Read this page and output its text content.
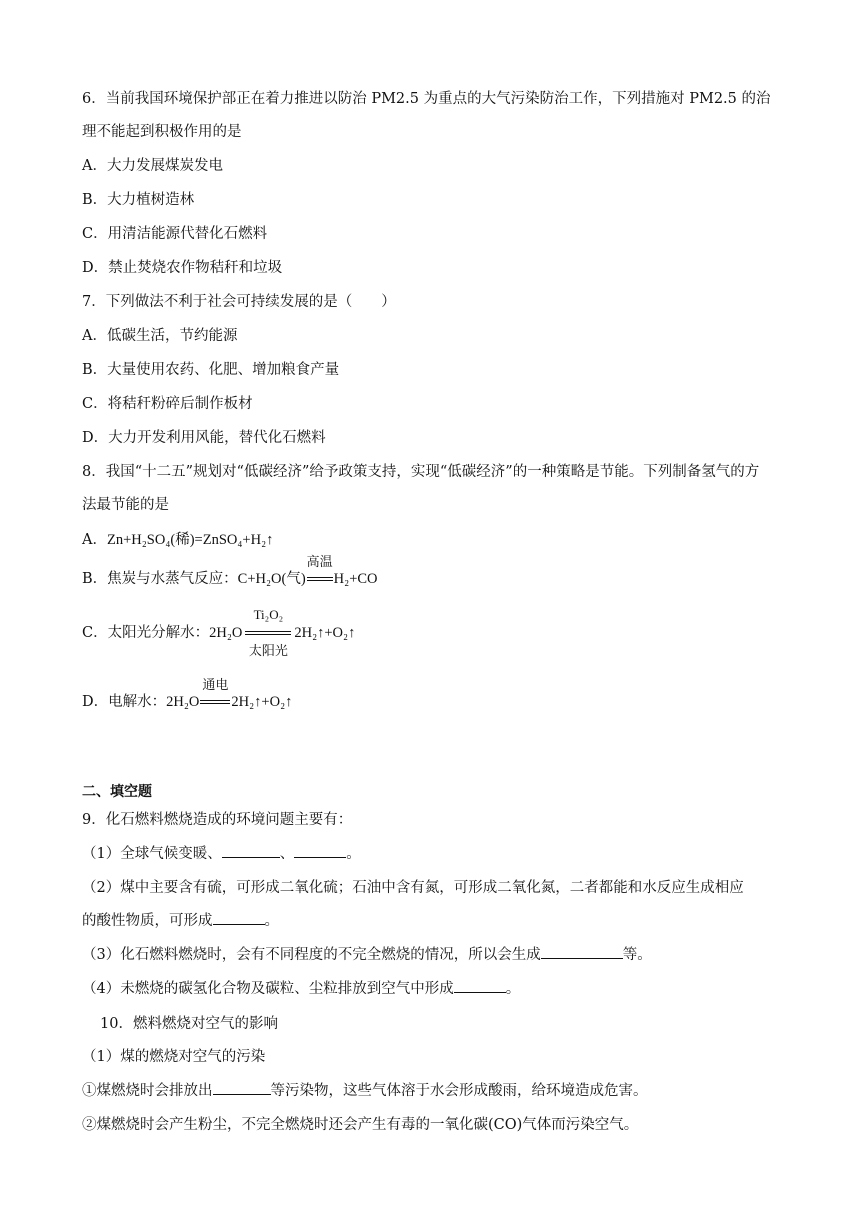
6．当前我国环境保护部正在着力推进以防治 PM2.5 为重点的大气污染防治工作，下列措施对 PM2.5 的治
理不能起到积极作用的是
A．大力发展煤炭发电
B．大力植树造林
C．用清洁能源代替化石燃料
D．禁止焚烧农作物秸秆和垃圾
7．下列做法不利于社会可持续发展的是（　　）
A．低碳生活，节约能源
B．大量使用农药、化肥、增加粮食产量
C．将秸秆粉碎后制作板材
D．大力开发利用风能，替代化石燃料
8．我国“十二五”规划对“低碳经济”给予政策支持，实现“低碳经济”的一种策略是节能。下列制备氢气的方
法最节能的是
A．Zn+H₂SO₄(稀)=ZnSO₄+H₂↑
B．焦炭与水蒸气反应：C+H₂O(气)
高温
H₂+CO
C．太阳光分解水：2H₂O
Ti₂O₂
太阳光
2H₂↑+O₂↑
D．电解水：2H₂O
通电
2H₂↑+O₂↑
二、填空题
9．化石燃料燃烧造成的环境问题主要有：
（1）全球气候变暖、	、	。
（2）煤中主要含有硫，可形成二氧化硫；石油中含有氮，可形成二氧化氮，二者都能和水反应生成相应
的酸性物质，可形成	。
（3）化石燃料燃烧时，会有不同程度的不完全燃烧的情况，所以会生成	等。
（4）未燃烧的碳氢化合物及碳粒、尘粒排放到空气中形成	。
10．燃料燃烧对空气的影响
（1）煤的燃烧对空气的污染
①煤燃烧时会排放出	等污染物，这些气体溶于水会形成酸雨，给环境造成危害。
②煤燃烧时会产生粉尘，不完全燃烧时还会产生有毒的一氧化碳(CO)气体而污染空气。
